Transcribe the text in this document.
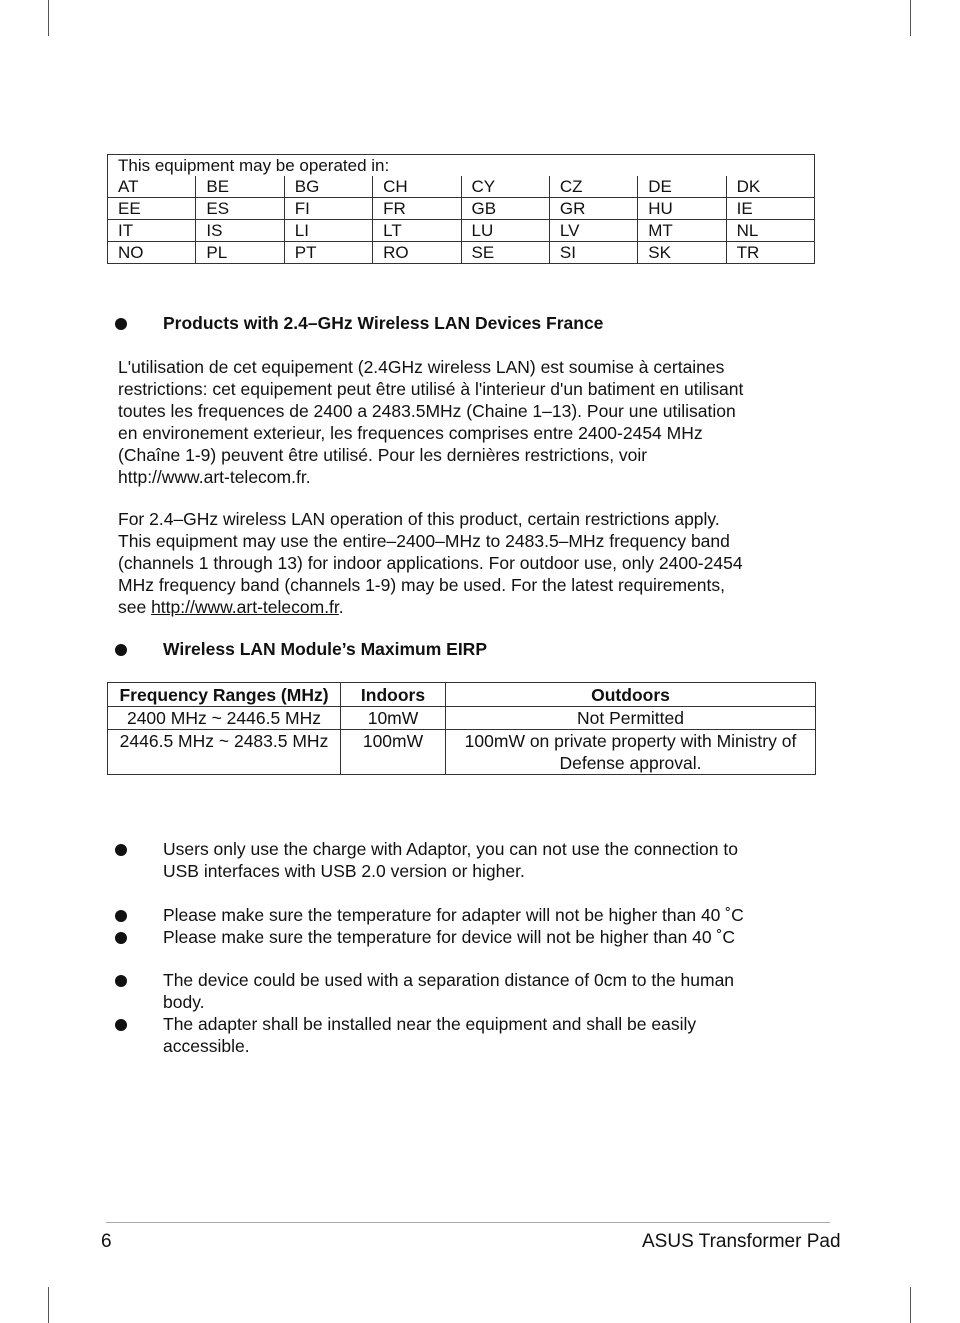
This equipment may be operated in:							
AT	BE	BG	CH	CY	CZ	DE	DK
EE	ES	FI	FR	GB	GR	HU	IE
IT	IS	LI	LT	LU	LV	MT	NL
NO	PL	PT	RO	SE	SI	SK	TR
Products with 2.4–GHz Wireless LAN Devices France
L'utilisation de cet equipement (2.4GHz wireless LAN) est soumise à certaines
restrictions: cet equipement peut être utilisé à l'interieur d'un batiment en utilisant
toutes les frequences de 2400 a 2483.5MHz (Chaine 1–13). Pour une utilisation
en environement exterieur, les frequences comprises entre 2400-2454 MHz
(Chaîne 1-9) peuvent être utilisé. Pour les dernières restrictions, voir
http://www.art-telecom.fr.
For 2.4–GHz wireless LAN operation of this product, certain restrictions apply.
This equipment may use the entire–2400–MHz to 2483.5–MHz frequency band
(channels 1 through 13) for indoor applications. For outdoor use, only 2400-2454
MHz frequency band (channels 1-9) may be used. For the latest requirements,
see http://www.art-telecom.fr.
Wireless LAN Module’s Maximum EIRP
Frequency Ranges (MHz)	Indoors	Outdoors
2400 MHz ~ 2446.5 MHz	10mW	Not Permitted
2446.5 MHz ~ 2483.5 MHz	100mW	100mW on private property with Ministry of Defense approval.
Users only use the charge with Adaptor, you can not use the connection to
USB interfaces with USB 2.0 version or higher.
Please make sure the temperature for adapter will not be higher than 40 ˚C
Please make sure the temperature for device will not be higher than 40 ˚C
The device could be used with a separation distance of 0cm to the human
body.
The adapter shall be installed near the equipment and shall be easily
accessible.
6	ASUS Transformer Pad
